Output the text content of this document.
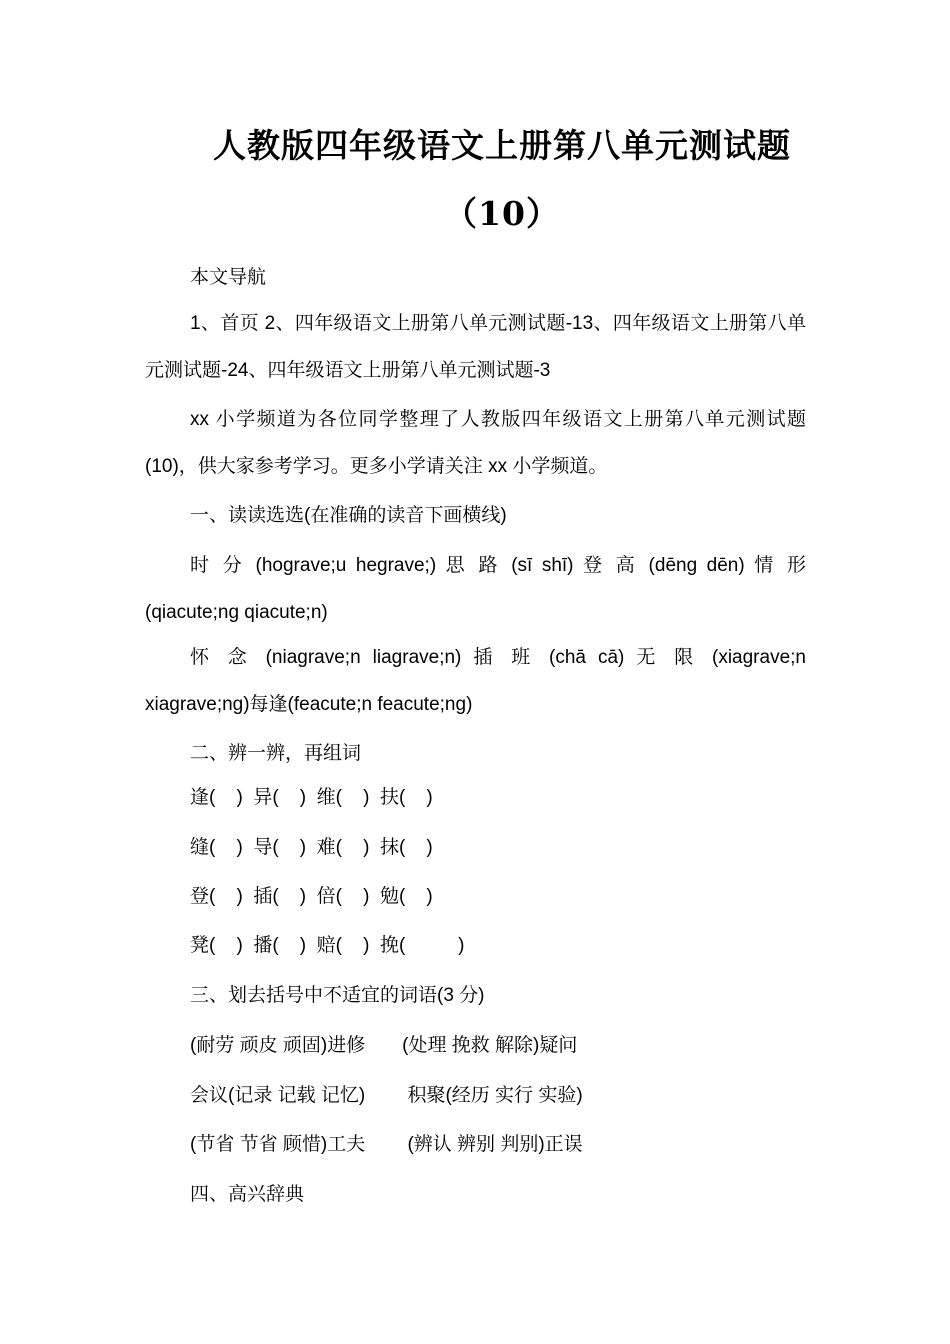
人教版四年级语文上册第八单元测试题
（10）

本文导航

1、首页 2、四年级语文上册第八单元测试题-13、四年级语文上册第八单元测试题-24、四年级语文上册第八单元测试题-3

xx 小学频道为各位同学整理了人教版四年级语文上册第八单元测试题(10)，供大家参考学习。更多小学请关注 xx 小学频道。

一、读读选选(在准确的读音下画横线)

时 分 (hograve;u hegrave;) 思 路 (sī shī) 登 高 (dēng dēn) 情 形 (qiacute;ng qiacute;n)

怀 念 (niagrave;n liagrave;n) 插 班 (chā cā) 无 限 (xiagrave;n xiagrave;ng)每逢(feacute;n feacute;ng)

二、辨一辨，再组词

逢(    )  异(    )  维(    )  扶(    )

缝(    )  导(    )  难(    )  抹(    )

登(    )  插(    )  倍(    )  勉(    )

凳(    )  播(    )  赔(    )  挽(          )

三、划去括号中不适宜的词语(3 分)

(耐劳 顽皮 顽固)进修       (处理 挽救 解除)疑问

会议(记录 记载 记忆)        积聚(经历 实行 实验)

(节省 节省 顾惜)工夫        (辨认 辨别 判别)正误

四、高兴辞典
